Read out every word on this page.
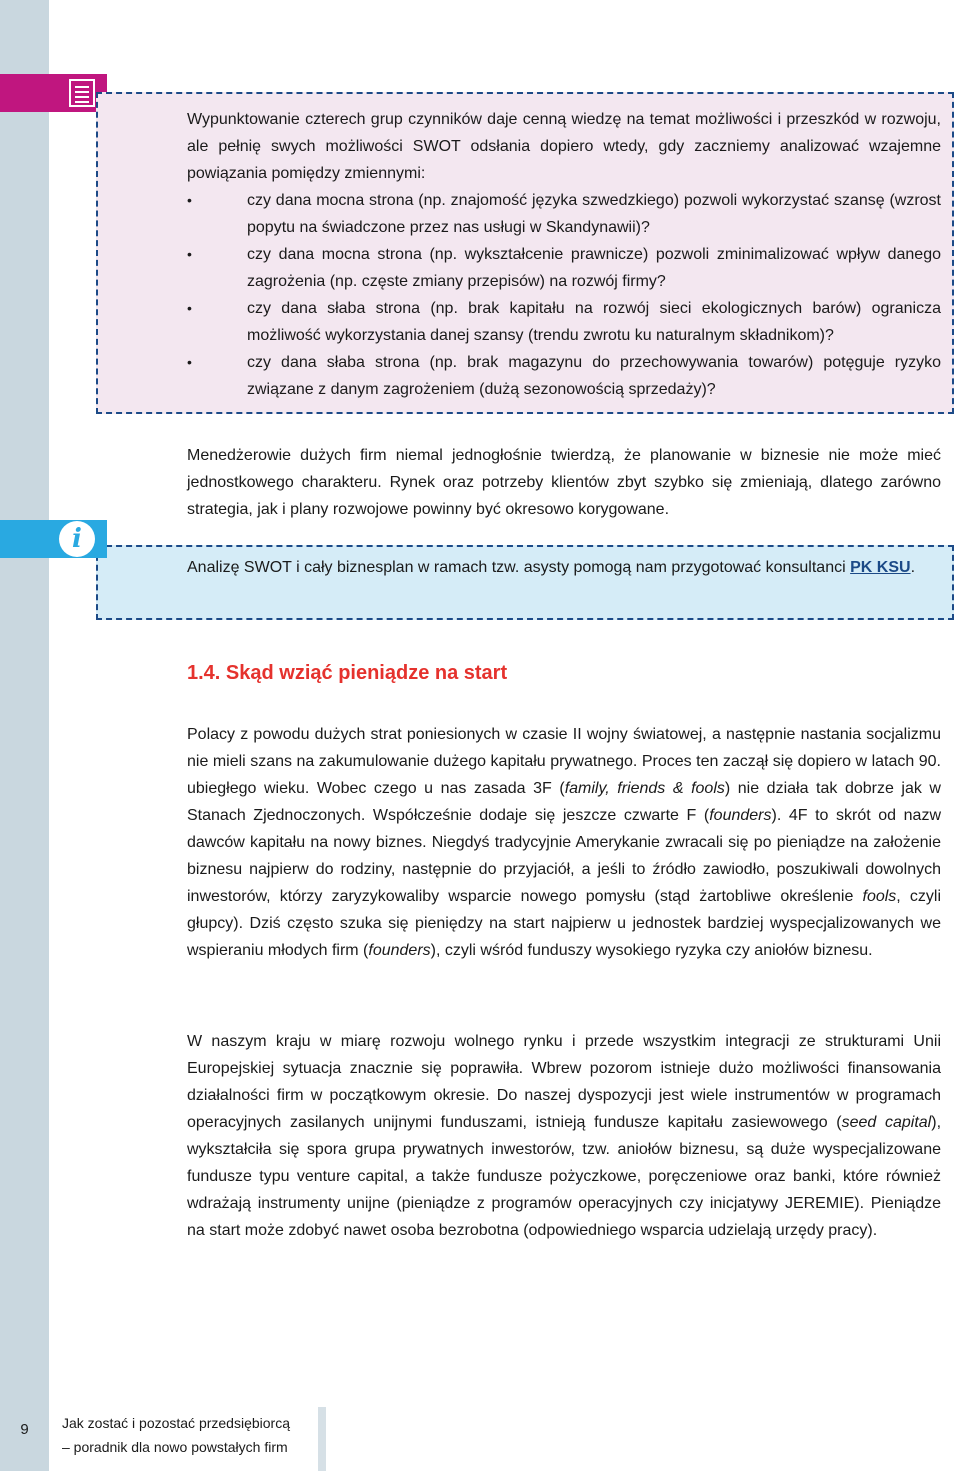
Wypunktowanie czterech grup czynników daje cenną wiedzę na temat możliwości i przeszkód w rozwoju, ale pełnię swych możliwości SWOT odsłania dopiero wtedy, gdy zaczniemy analizować wzajemne powiązania pomiędzy zmiennymi:

• czy dana mocna strona (np. znajomość języka szwedzkiego) pozwoli wykorzystać szansę (wzrost popytu na świadczone przez nas usługi w Skandynawii)?
• czy dana mocna strona (np. wykształcenie prawnicze) pozwoli zminimalizować wpływ danego zagrożenia (np. częste zmiany przepisów) na rozwój firmy?
• czy dana słaba strona (np. brak kapitału na rozwój sieci ekologicznych barów) ogranicza możliwość wykorzystania danej szansy (trendu zwrotu ku naturalnym składnikom)?
• czy dana słaba strona (np. brak magazynu do przechowywania towarów) potęguje ryzyko związane z danym zagrożeniem (dużą sezonowością sprzedaży)?

Menedżerowie dużych firm niemal jednogłośnie twierdzą, że planowanie w biznesie nie może mieć jednostkowego charakteru. Rynek oraz potrzeby klientów zbyt szybko się zmieniają, dlatego zarówno strategia, jak i plany rozwojowe powinny być okresowo korygowane.

i

Analizę SWOT i cały biznesplan w ramach tzw. asysty pomogą nam przygotować konsultanci PK KSU.

1.4. Skąd wziąć pieniądze na start

Polacy z powodu dużych strat poniesionych w czasie II wojny światowej, a następnie nastania socjalizmu nie mieli szans na zakumulowanie dużego kapitału prywatnego. Proces ten zaczął się dopiero w latach 90. ubiegłego wieku. Wobec czego u nas zasada 3F (family, friends & fools) nie działa tak dobrze jak w Stanach Zjednoczonych. Współcześnie dodaje się jeszcze czwarte F (founders). 4F to skrót od nazw dawców kapitału na nowy biznes. Niegdyś tradycyjnie Amerykanie zwracali się po pieniądze na założenie biznesu najpierw do rodziny, następnie do przyjaciół, a jeśli to źródło zawiodło, poszukiwali dowolnych inwestorów, którzy zaryzykowaliby wsparcie nowego pomysłu (stąd żartobliwe określenie fools, czyli głupcy). Dziś często szuka się pieniędzy na start najpierw u jednostek bardziej wyspecjalizowanych we wspieraniu młodych firm (founders), czyli wśród funduszy wysokiego ryzyka czy aniołów biznesu.

W naszym kraju w miarę rozwoju wolnego rynku i przede wszystkim integracji ze strukturami Unii Europejskiej sytuacja znacznie się poprawiła. Wbrew pozorom istnieje dużo możliwości finansowania działalności firm w początkowym okresie. Do naszej dyspozycji jest wiele instrumentów w programach operacyjnych zasilanych unijnymi funduszami, istnieją fundusze kapitału zasiewowego (seed capital), wykształciła się spora grupa prywatnych inwestorów, tzw. aniołów biznesu, są duże wyspecjalizowane fundusze typu venture capital, a także fundusze pożyczkowe, poręczeniowe oraz banki, które również wdrażają instrumenty unijne (pieniądze z programów operacyjnych czy inicjatywy JEREMIE). Pieniądze na start może zdobyć nawet osoba bezrobotna (odpowiedniego wsparcia udzielają urzędy pracy).

9	Jak zostać i pozostać przedsiębiorcą
– poradnik dla nowo powstałych firm
